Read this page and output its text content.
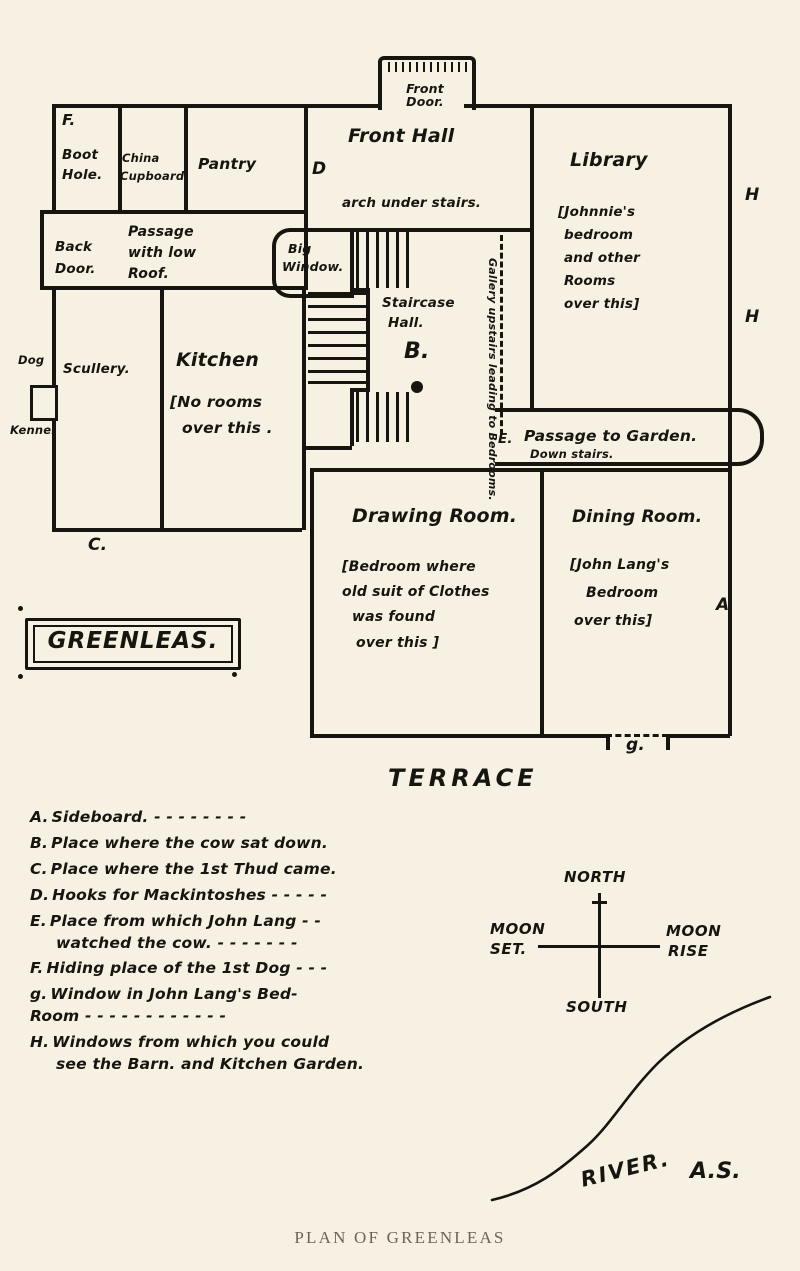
Front
Door.
F.
Boot
Hole.
China
Cupboard
Pantry
Front Hall
D
arch under stairs.
Library
[Johnnie's
bedroom
and other
Rooms
over this]
H
H
Back
Door.
Passage
with low
Roof.
Big
Window.
Staircase
Hall.
B.	Gallery upstairs leading to Bedrooms.
Dog
Kennel
Scullery. Kitchen
[No rooms
over this .
C.
E. Passage to Garden.
Down stairs.
Drawing Room.
[Bedroom where
old suit of Clothes
was found
over this ]
Dining Room.
[John Lang's
Bedroom
over this]
A
g.
TERRACE
GREENLEAS.
A. Sideboard. - - - - - - - -
B. Place where the cow sat down.
C. Place where the 1st Thud came.
D. Hooks for Mackintoshes - - - - -
E. Place from which John Lang - -
watched the cow. - - - - - - -
F. Hiding place of the 1st Dog - - -
g. Window in John Lang's Bed-
Room - - - - - - - - - - - -
H. Windows from which you could
see the Barn. and Kitchen Garden.
NORTH
SOUTH
MOON
SET.
MOON
RISE
RIVER. A.S.
PLAN OF GREENLEAS
